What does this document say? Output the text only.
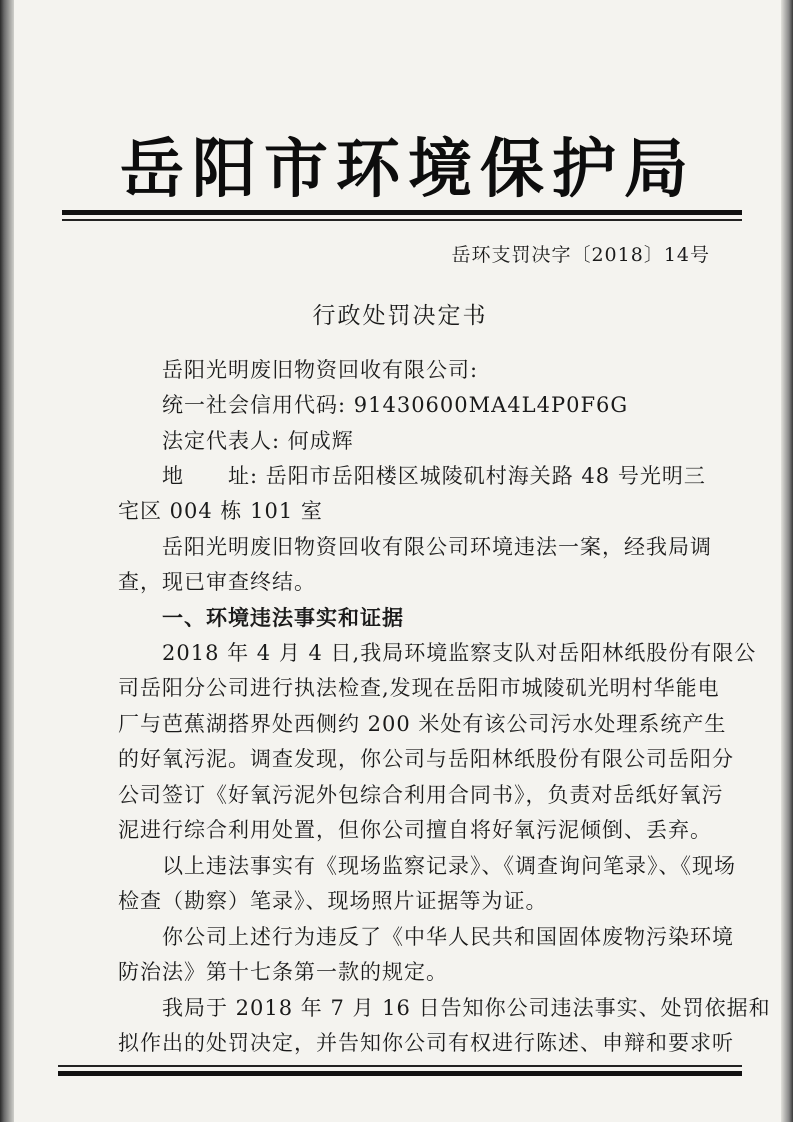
岳阳市环境保护局
岳环支罚决字〔2018〕14号
行政处罚决定书
岳阳光明废旧物资回收有限公司:
统一社会信用代码: 91430600MA4L4P0F6G
法定代表人: 何成辉
地　　址: 岳阳市岳阳楼区城陵矶村海关路 48 号光明三
宅区 004 栋 101 室
岳阳光明废旧物资回收有限公司环境违法一案，经我局调
查，现已审查终结。
一、环境违法事实和证据
2018 年 4 月 4 日,我局环境监察支队对岳阳林纸股份有限公
司岳阳分公司进行执法检查,发现在岳阳市城陵矶光明村华能电
厂与芭蕉湖搭界处西侧约 200 米处有该公司污水处理系统产生
的好氧污泥。调查发现，你公司与岳阳林纸股份有限公司岳阳分
公司签订《好氧污泥外包综合利用合同书》，负责对岳纸好氧污
泥进行综合利用处置，但你公司擅自将好氧污泥倾倒、丢弃。
以上违法事实有《现场监察记录》、《调查询问笔录》、《现场
检查（勘察）笔录》、现场照片证据等为证。
你公司上述行为违反了《中华人民共和国固体废物污染环境
防治法》第十七条第一款的规定。
我局于 2018 年 7 月 16 日告知你公司违法事实、处罚依据和
拟作出的处罚决定，并告知你公司有权进行陈述、申辩和要求听
